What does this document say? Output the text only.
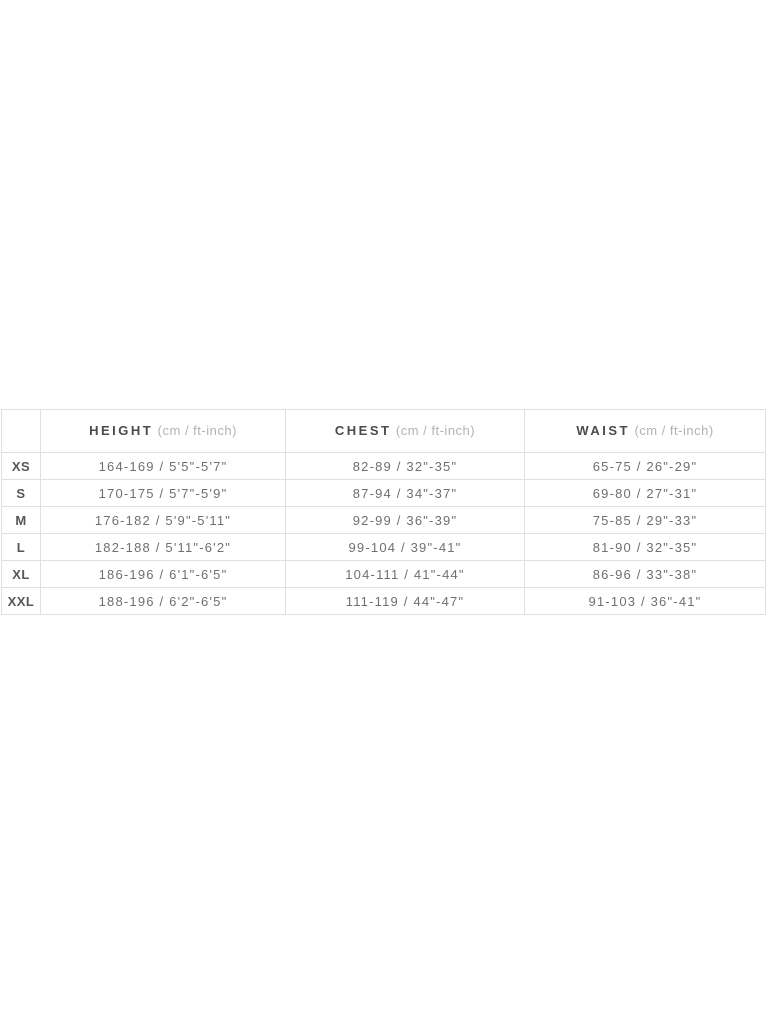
	HEIGHT (cm / ft-inch)	CHEST (cm / ft-inch)	WAIST (cm / ft-inch)
XS	164-169 / 5'5"-5'7"	82-89 / 32"-35"	65-75 / 26"-29"
S	170-175 / 5'7"-5'9"	87-94 / 34"-37"	69-80 / 27"-31"
M	176-182 / 5'9"-5'11"	92-99 / 36"-39"	75-85 / 29"-33"
L	182-188 / 5'11"-6'2"	99-104 / 39"-41"	81-90 / 32"-35"
XL	186-196 / 6'1"-6'5"	104-111 / 41"-44"	86-96 / 33"-38"
XXL	188-196 / 6'2"-6'5"	111-119 / 44"-47"	91-103 / 36"-41"
